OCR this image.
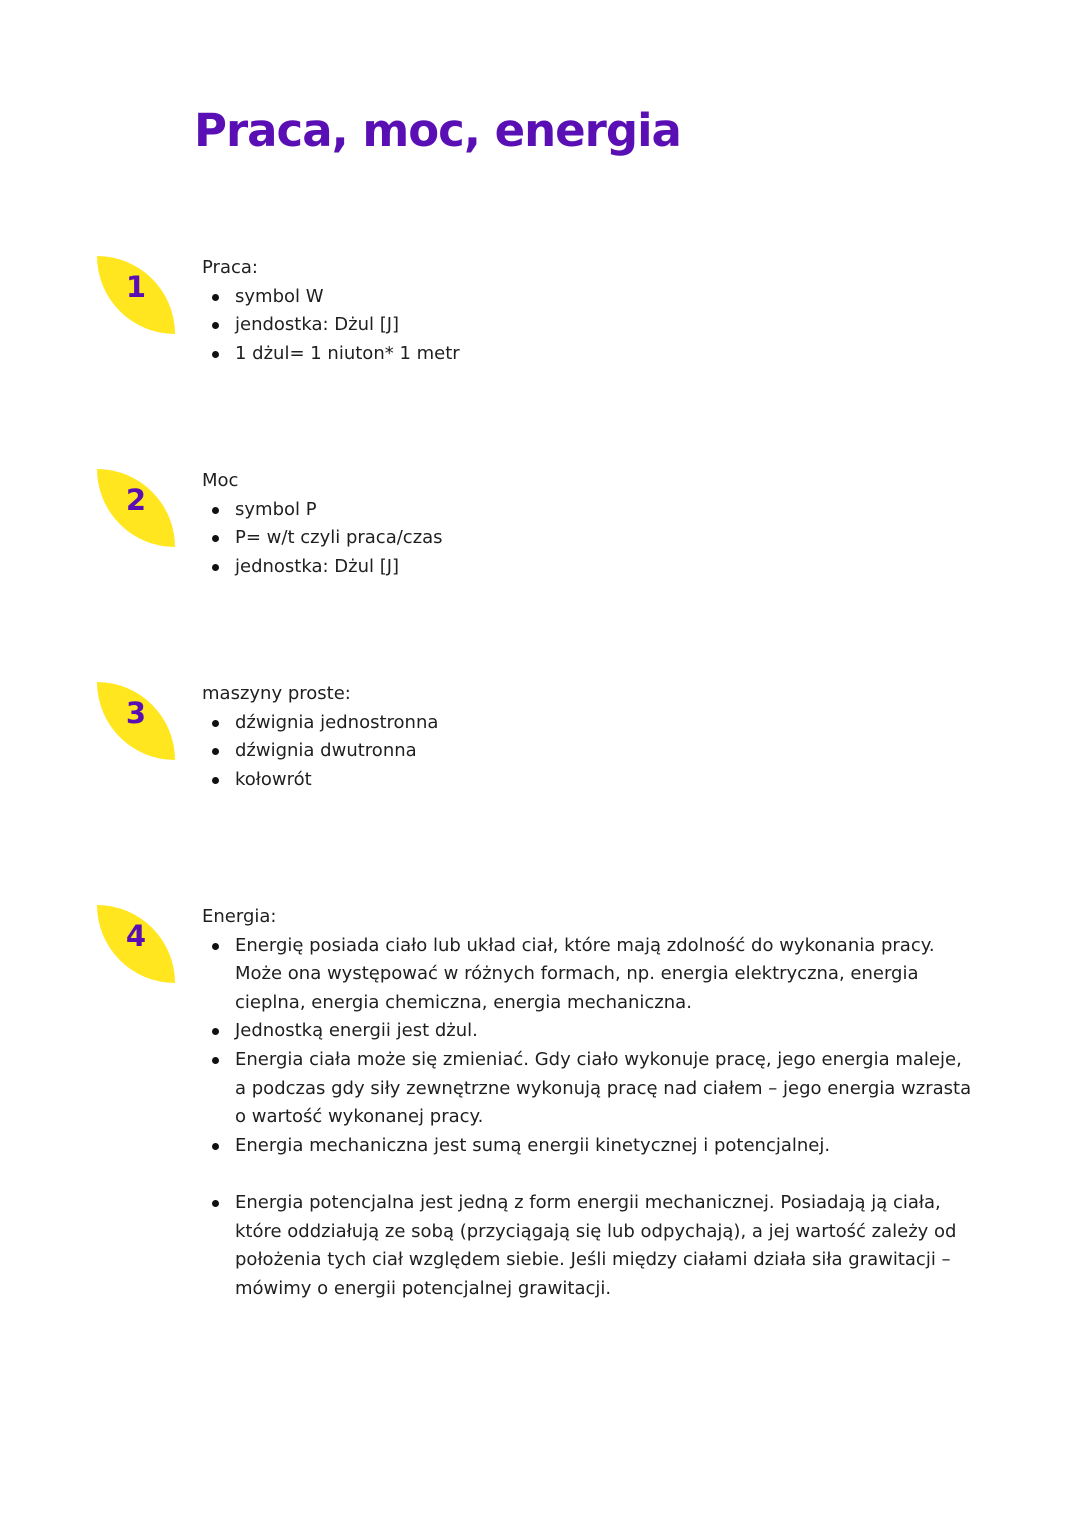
Praca, moc, energia
1

Praca:

symbol W
jendostka: Dżul [J]
1 dżul= 1 niuton* 1 metr
2

Moc

symbol P
P= w/t czyli praca/czas
jednostka: Dżul [J]
3

maszyny proste:

dźwignia jednostronna
dźwignia dwutronna
kołowrót
4

Energia:

Energię posiada ciało lub układ ciał, które mają zdolność do wykonania pracy. Może ona występować w różnych formach, np. energia elektryczna, energia cieplna, energia chemiczna, energia mechaniczna.
Jednostką energii jest dżul.
Energia ciała może się zmieniać. Gdy ciało wykonuje pracę, jego energia maleje, a podczas gdy siły zewnętrzne wykonują pracę nad ciałem – jego energia wzrasta o wartość wykonanej pracy.
Energia mechaniczna jest sumą energii kinetycznej i potencjalnej.
Energia potencjalna jest jedną z form energii mechanicznej. Posiadają ją ciała, które oddziałują ze sobą (przyciągają się lub odpychają), a jej wartość zależy od położenia tych ciał względem siebie. Jeśli między ciałami działa siła grawitacji – mówimy o energii potencjalnej grawitacji.
